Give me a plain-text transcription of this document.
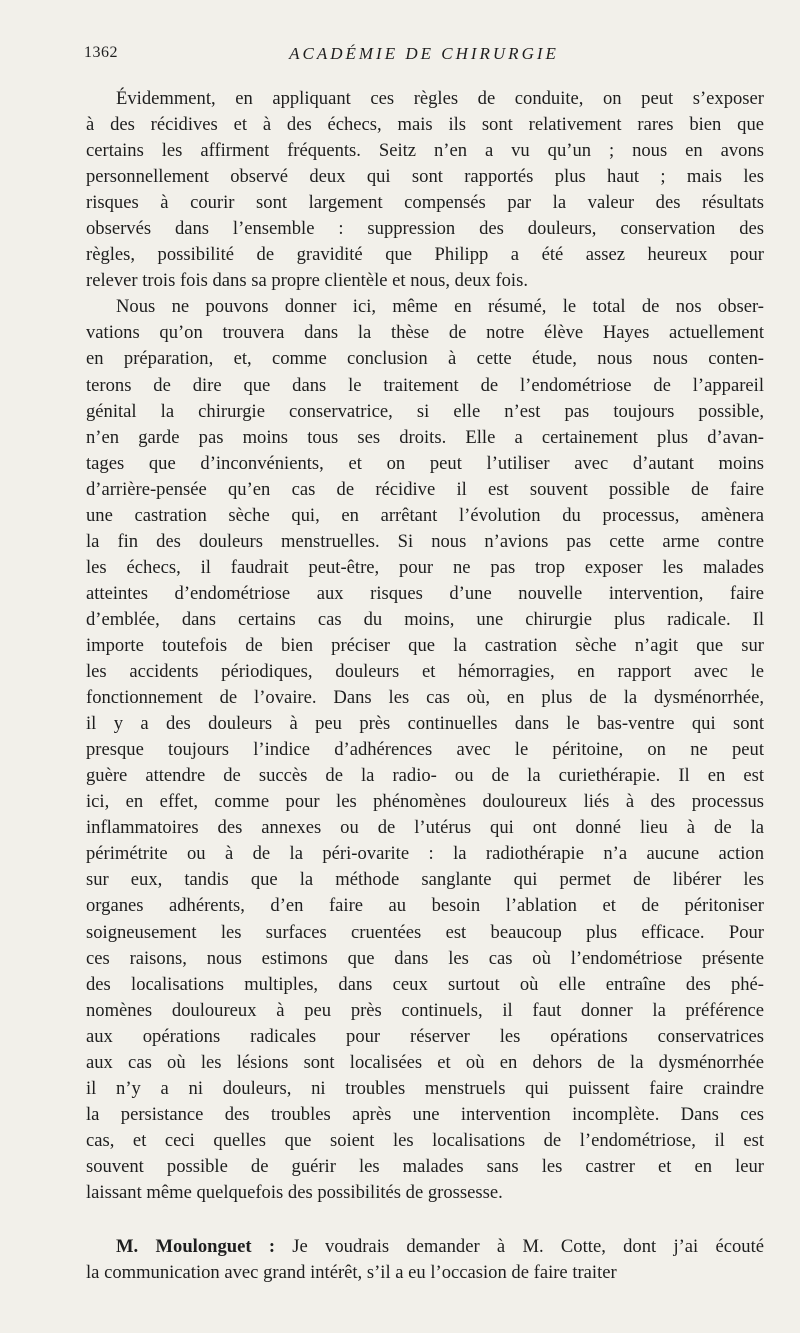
1362	ACADÉMIE DE CHIRURGIE
Évidemment, en appliquant ces règles de conduite, on peut s’exposer
à des récidives et à des échecs, mais ils sont relativement rares bien que
certains les affirment fréquents. Seitz n’en a vu qu’un ; nous en avons
personnellement observé deux qui sont rapportés plus haut ; mais les
risques à courir sont largement compensés par la valeur des résultats
observés dans l’ensemble : suppression des douleurs, conservation des
règles, possibilité de gravidité que Philipp a été assez heureux pour
relever trois fois dans sa propre clientèle et nous, deux fois.
Nous ne pouvons donner ici, même en résumé, le total de nos obser-
vations qu’on trouvera dans la thèse de notre élève Hayes actuellement
en préparation, et, comme conclusion à cette étude, nous nous conten-
terons de dire que dans le traitement de l’endométriose de l’appareil
génital la chirurgie conservatrice, si elle n’est pas toujours possible,
n’en garde pas moins tous ses droits. Elle a certainement plus d’avan-
tages que d’inconvénients, et on peut l’utiliser avec d’autant moins
d’arrière-pensée qu’en cas de récidive il est souvent possible de faire
une castration sèche qui, en arrêtant l’évolution du processus, amènera
la fin des douleurs menstruelles. Si nous n’avions pas cette arme contre
les échecs, il faudrait peut-être, pour ne pas trop exposer les malades
atteintes d’endométriose aux risques d’une nouvelle intervention, faire
d’emblée, dans certains cas du moins, une chirurgie plus radicale. Il
importe toutefois de bien préciser que la castration sèche n’agit que sur
les accidents périodiques, douleurs et hémorragies, en rapport avec le
fonctionnement de l’ovaire. Dans les cas où, en plus de la dysménorrhée,
il y a des douleurs à peu près continuelles dans le bas-ventre qui sont
presque toujours l’indice d’adhérences avec le péritoine, on ne peut
guère attendre de succès de la radio- ou de la curiethérapie. Il en est
ici, en effet, comme pour les phénomènes douloureux liés à des processus
inflammatoires des annexes ou de l’utérus qui ont donné lieu à de la
périmétrite ou à de la péri-ovarite : la radiothérapie n’a aucune action
sur eux, tandis que la méthode sanglante qui permet de libérer les
organes adhérents, d’en faire au besoin l’ablation et de péritoniser
soigneusement les surfaces cruentées est beaucoup plus efficace. Pour
ces raisons, nous estimons que dans les cas où l’endométriose présente
des localisations multiples, dans ceux surtout où elle entraîne des phé-
nomènes douloureux à peu près continuels, il faut donner la préférence
aux opérations radicales pour réserver les opérations conservatrices
aux cas où les lésions sont localisées et où en dehors de la dysménorrhée
il n’y a ni douleurs, ni troubles menstruels qui puissent faire craindre
la persistance des troubles après une intervention incomplète. Dans ces
cas, et ceci quelles que soient les localisations de l’endométriose, il est
souvent possible de guérir les malades sans les castrer et en leur
laissant même quelquefois des possibilités de grossesse.
M. Moulonguet : Je voudrais demander à M. Cotte, dont j’ai écouté
la communication avec grand intérêt, s’il a eu l’occasion de faire traiter
